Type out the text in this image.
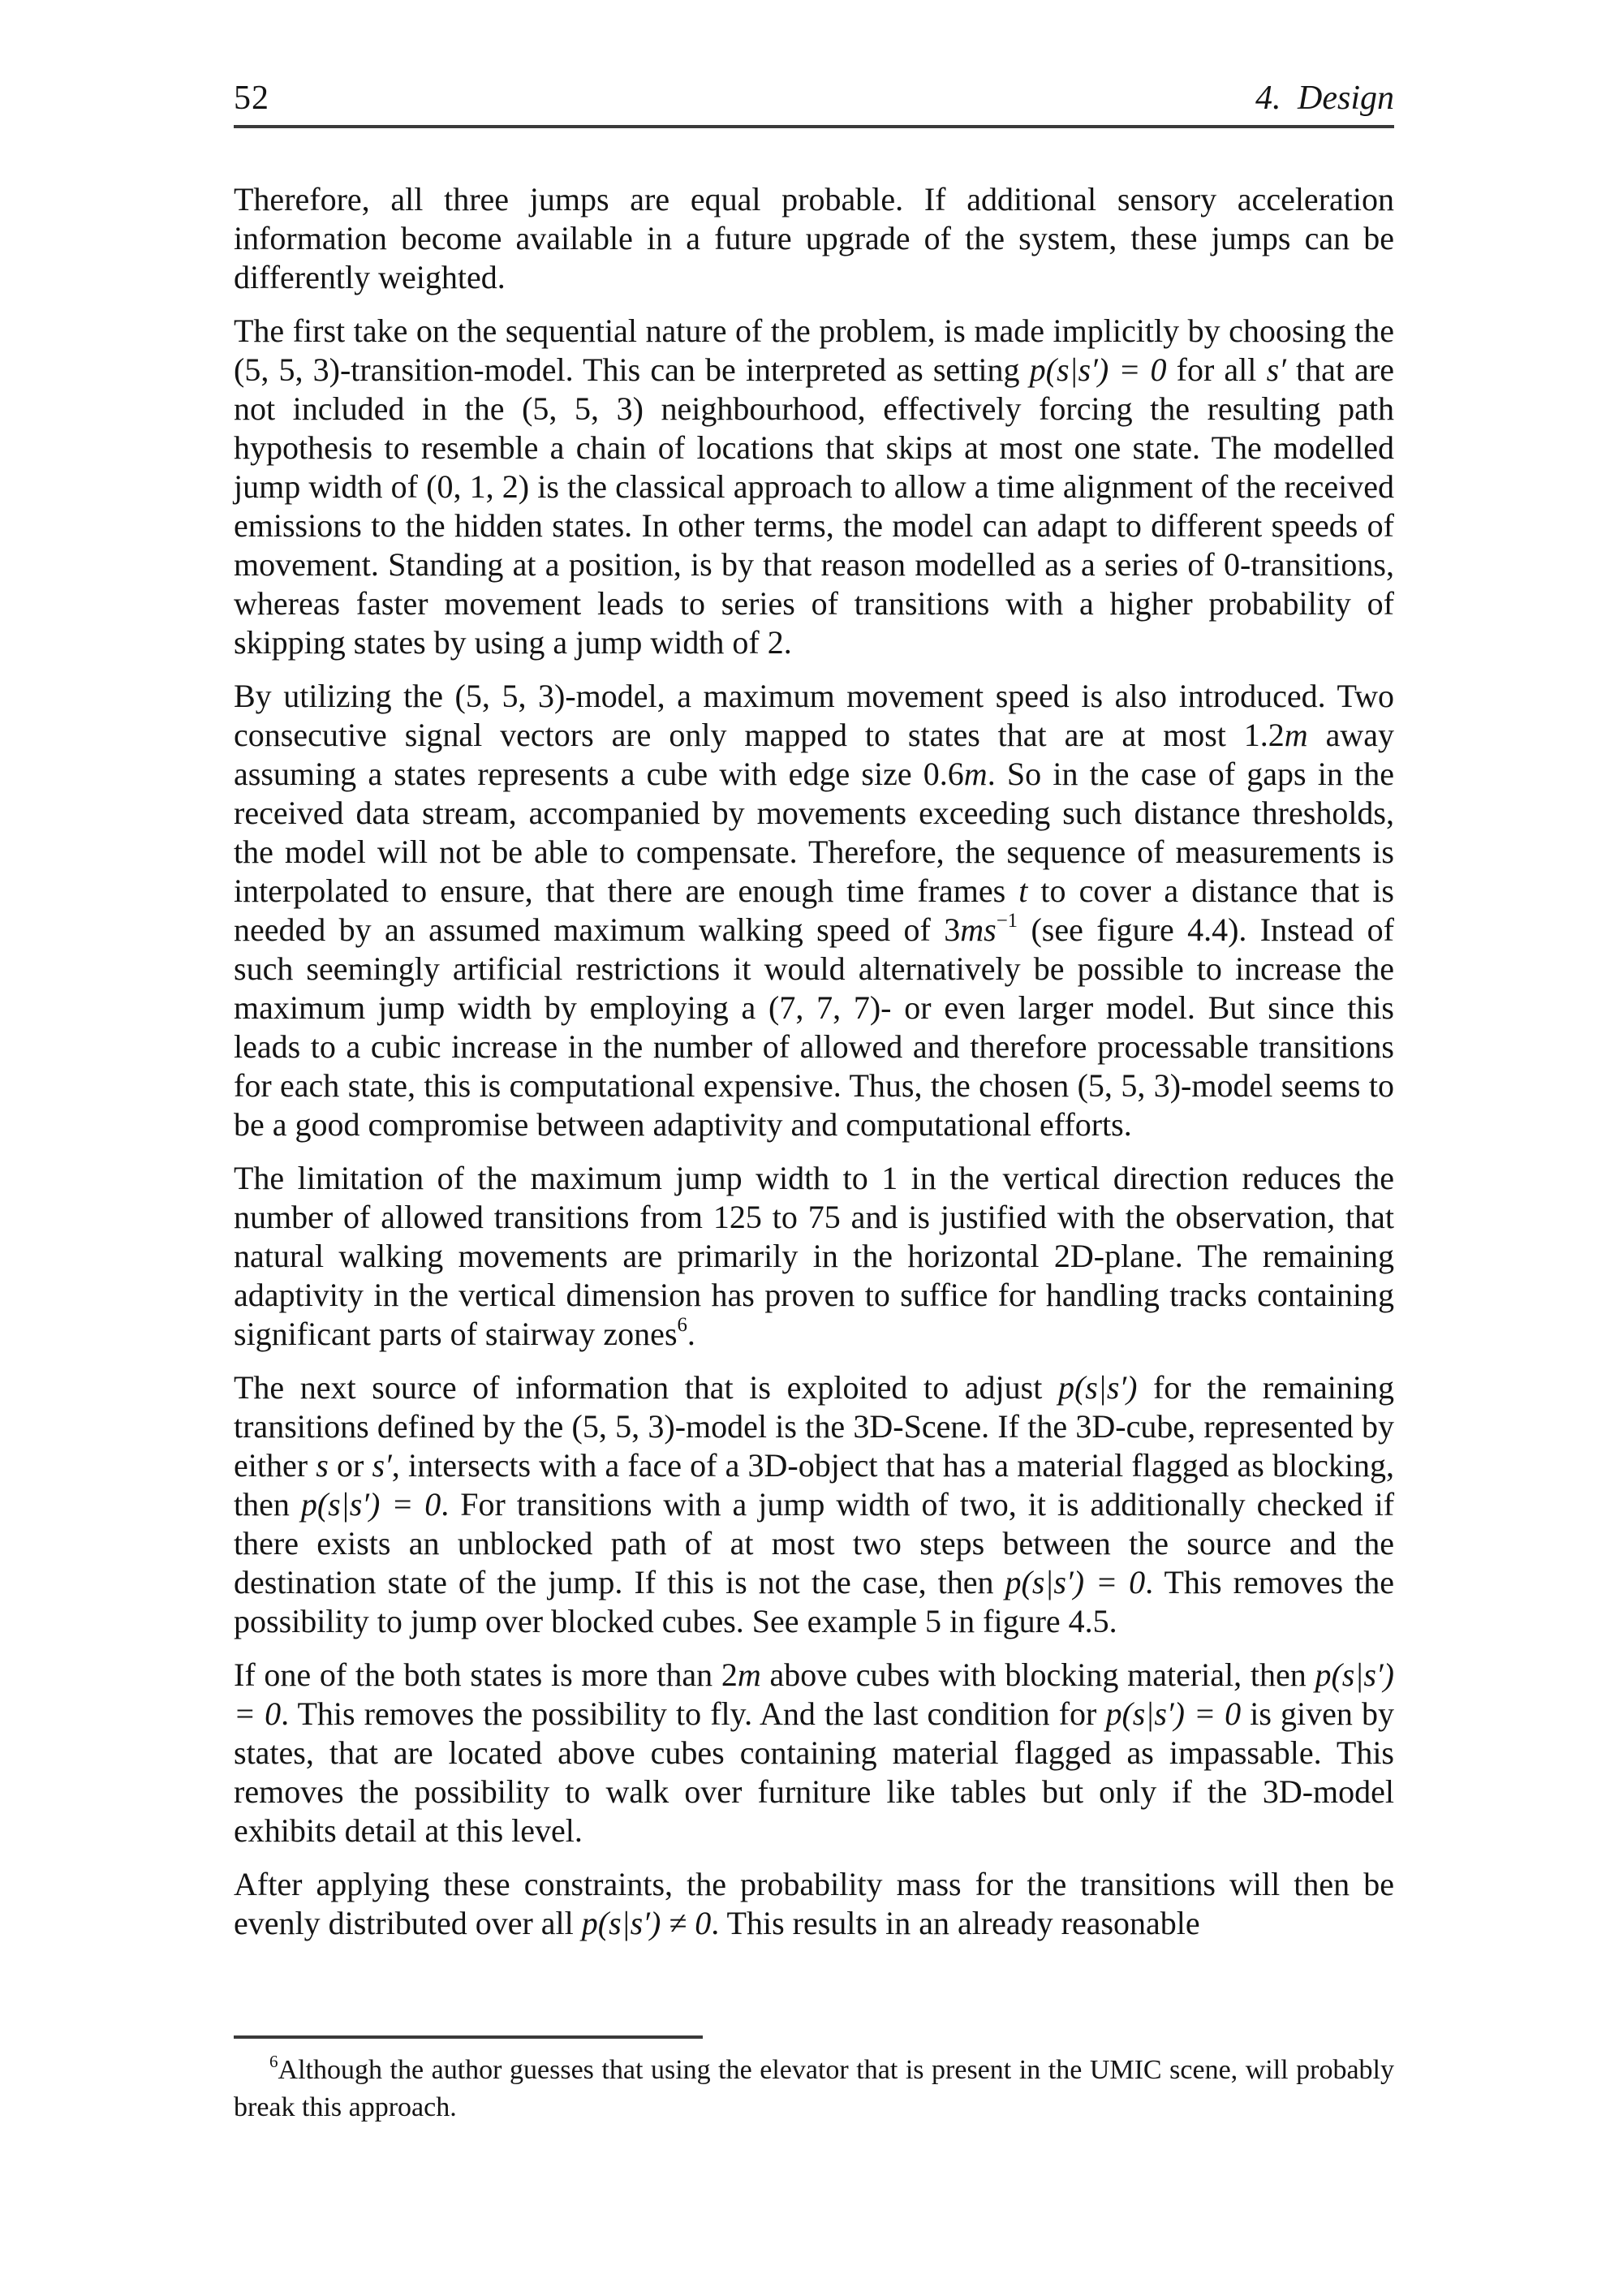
52	4. Design

Therefore, all three jumps are equal probable. If additional sensory acceleration information become available in a future upgrade of the system, these jumps can be differently weighted.

The first take on the sequential nature of the problem, is made implicitly by choosing the (5, 5, 3)-transition-model. This can be interpreted as setting p(s|s′) = 0 for all s′ that are not included in the (5, 5, 3) neighbourhood, effectively forcing the resulting path hypothesis to resemble a chain of locations that skips at most one state. The modelled jump width of (0, 1, 2) is the classical approach to allow a time alignment of the received emissions to the hidden states. In other terms, the model can adapt to different speeds of movement. Standing at a position, is by that reason modelled as a series of 0-transitions, whereas faster movement leads to series of transitions with a higher probability of skipping states by using a jump width of 2.

By utilizing the (5, 5, 3)-model, a maximum movement speed is also introduced. Two consecutive signal vectors are only mapped to states that are at most 1.2m away assuming a states represents a cube with edge size 0.6m. So in the case of gaps in the received data stream, accompanied by movements exceeding such distance thresholds, the model will not be able to compensate. Therefore, the sequence of measurements is interpolated to ensure, that there are enough time frames t to cover a distance that is needed by an assumed maximum walking speed of $3ms^{-1}$ (see figure 4.4). Instead of such seemingly artificial restrictions it would alternatively be possible to increase the maximum jump width by employing a (7, 7, 7)- or even larger model. But since this leads to a cubic increase in the number of allowed and therefore processable transitions for each state, this is computational expensive. Thus, the chosen (5, 5, 3)-model seems to be a good compromise between adaptivity and computational efforts.

The limitation of the maximum jump width to 1 in the vertical direction reduces the number of allowed transitions from 125 to 75 and is justified with the observation, that natural walking movements are primarily in the horizontal 2D-plane. The remaining adaptivity in the vertical dimension has proven to suffice for handling tracks containing significant parts of stairway zones$^6$.

The next source of information that is exploited to adjust p(s|s′) for the remaining transitions defined by the (5, 5, 3)-model is the 3D-Scene. If the 3D-cube, represented by either s or s′, intersects with a face of a 3D-object that has a material flagged as blocking, then p(s|s′) = 0. For transitions with a jump width of two, it is additionally checked if there exists an unblocked path of at most two steps between the source and the destination state of the jump. If this is not the case, then p(s|s′) = 0. This removes the possibility to jump over blocked cubes. See example 5 in figure 4.5.

If one of the both states is more than 2m above cubes with blocking material, then p(s|s′) = 0. This removes the possibility to fly. And the last condition for p(s|s′) = 0 is given by states, that are located above cubes containing material flagged as impassable. This removes the possibility to walk over furniture like tables but only if the 3D-model exhibits detail at this level.

After applying these constraints, the probability mass for the transitions will then be evenly distributed over all p(s|s′) ≠ 0. This results in an already reasonable

$^6$Although the author guesses that using the elevator that is present in the UMIC scene, will probably break this approach.
